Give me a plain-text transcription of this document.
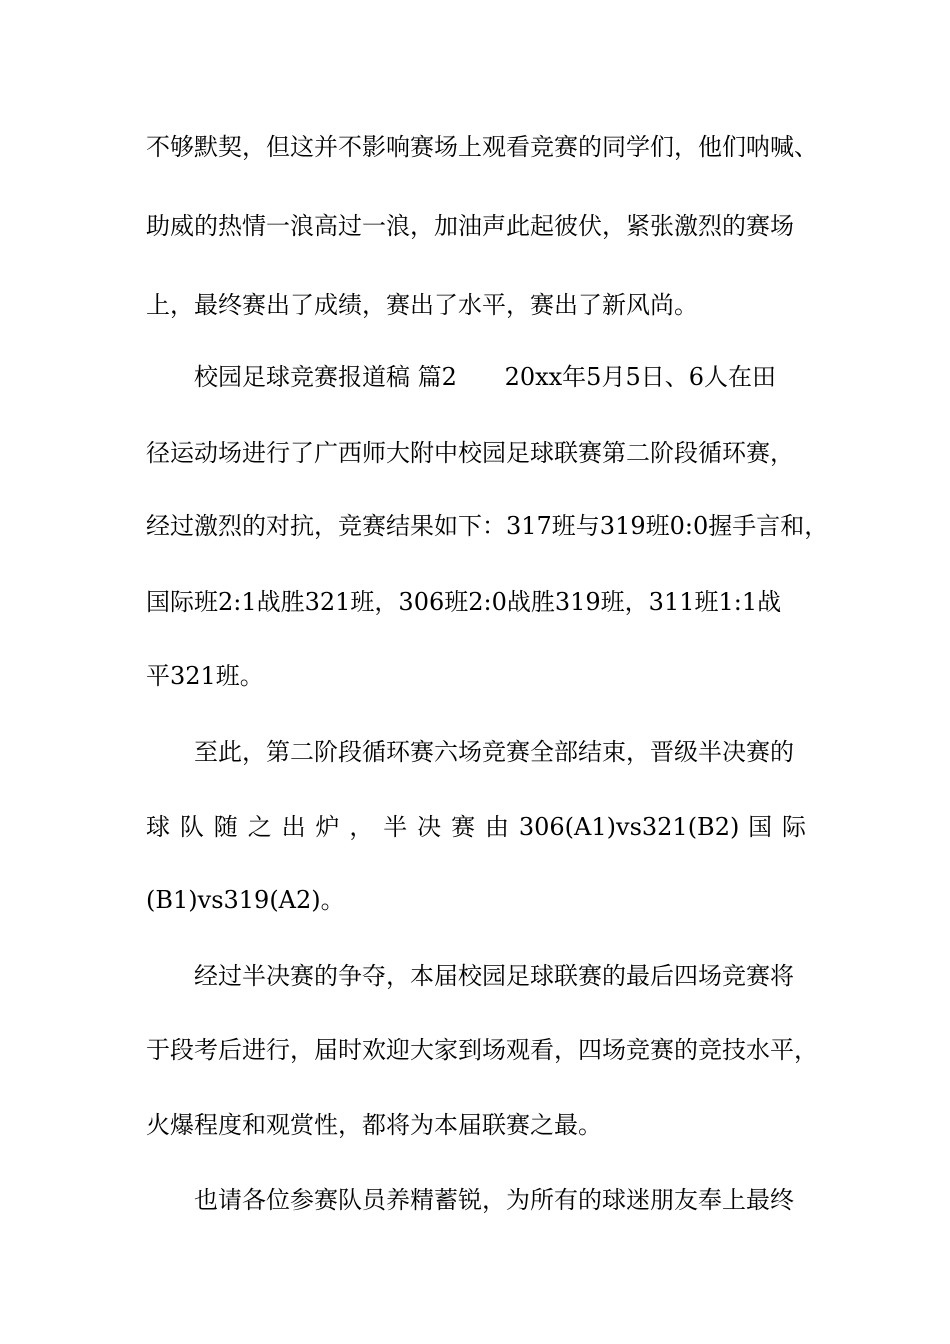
不够默契，但这并不影响赛场上观看竞赛的同学们，他们呐喊、
助威的热情一浪高过一浪，加油声此起彼伏，紧张激烈的赛场
上，最终赛出了成绩，赛出了水平，赛出了新风尚。
校园足球竞赛报道稿 篇2 20xx年5月5日、6人在田
径运动场进行了广西师大附中校园足球联赛第二阶段循环赛，
经过激烈的对抗，竞赛结果如下：317班与319班0:0握手言和，
国际班2:1战胜321班，306班2:0战胜319班，311班1:1战
平321班。
至此，第二阶段循环赛六场竞赛全部结束，晋级半决赛的
球 队 随 之 出 炉 ， 半 决 赛 由 306(A1)vs321(B2) 国 际
(B1)vs319(A2)。
经过半决赛的争夺，本届校园足球联赛的最后四场竞赛将
于段考后进行，届时欢迎大家到场观看，四场竞赛的竞技水平，
火爆程度和观赏性，都将为本届联赛之最。
也请各位参赛队员养精蓄锐，为所有的球迷朋友奉上最终
